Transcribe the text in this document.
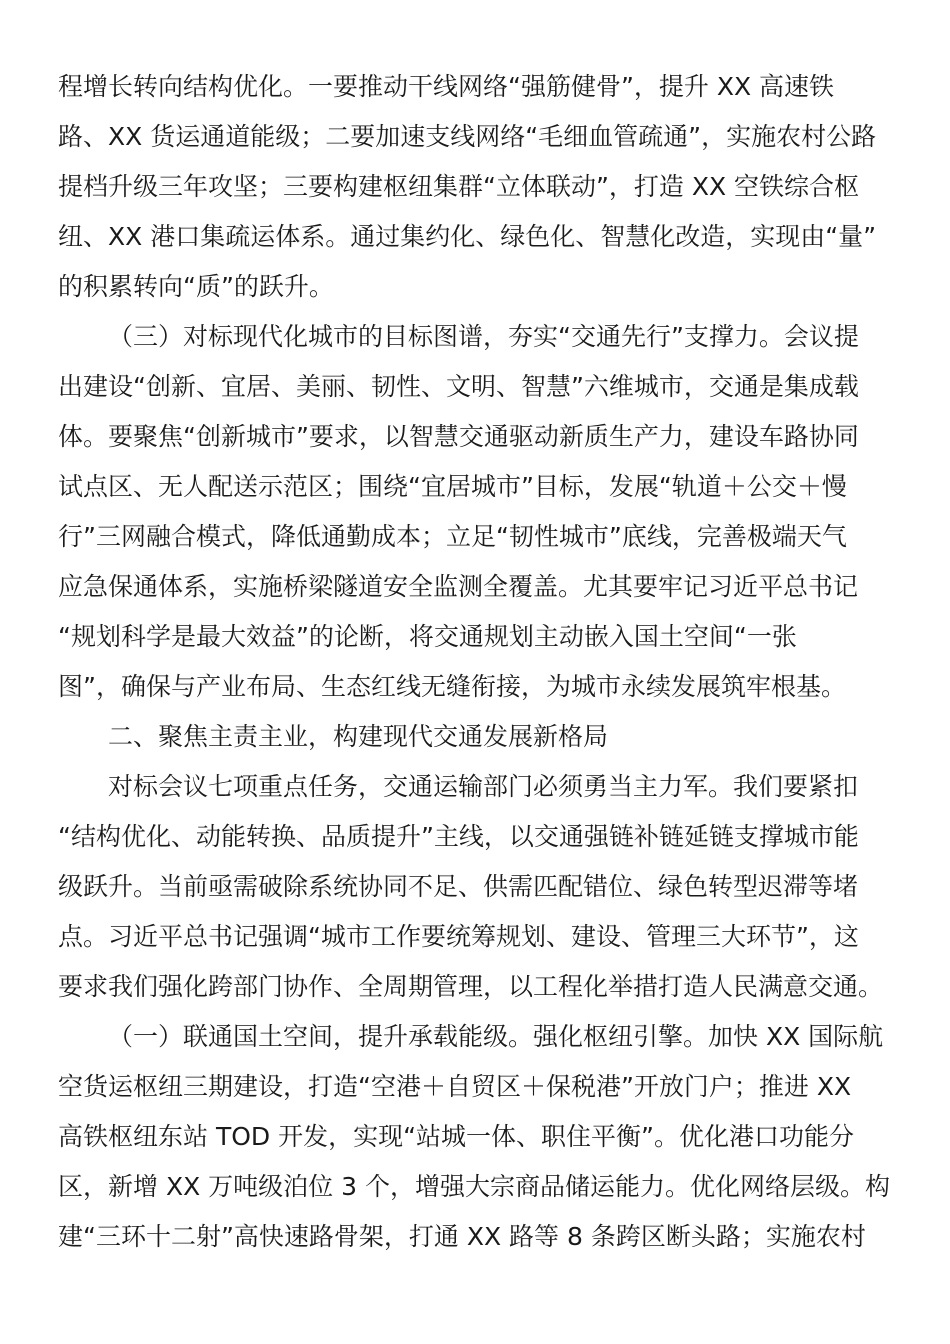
程增长转向结构优化。一要推动干线网络“强筋健骨”，提升 XX 高速铁
路、XX 货运通道能级；二要加速支线网络“毛细血管疏通”，实施农村公路
提档升级三年攻坚；三要构建枢纽集群“立体联动”，打造 XX 空铁综合枢
纽、XX 港口集疏运体系。通过集约化、绿色化、智慧化改造，实现由“量”
的积累转向“质”的跃升。
（三）对标现代化城市的目标图谱，夯实“交通先行”支撑力。会议提
出建设“创新、宜居、美丽、韧性、文明、智慧”六维城市，交通是集成载
体。要聚焦“创新城市”要求，以智慧交通驱动新质生产力，建设车路协同
试点区、无人配送示范区；围绕“宜居城市”目标，发展“轨道＋公交＋慢
行”三网融合模式，降低通勤成本；立足“韧性城市”底线，完善极端天气
应急保通体系，实施桥梁隧道安全监测全覆盖。尤其要牢记习近平总书记
“规划科学是最大效益”的论断，将交通规划主动嵌入国土空间“一张
图”，确保与产业布局、生态红线无缝衔接，为城市永续发展筑牢根基。
二、聚焦主责主业，构建现代交通发展新格局
对标会议七项重点任务，交通运输部门必须勇当主力军。我们要紧扣
“结构优化、动能转换、品质提升”主线，以交通强链补链延链支撑城市能
级跃升。当前亟需破除系统协同不足、供需匹配错位、绿色转型迟滞等堵
点。习近平总书记强调“城市工作要统筹规划、建设、管理三大环节”，这
要求我们强化跨部门协作、全周期管理，以工程化举措打造人民满意交通。
（一）联通国土空间，提升承载能级。强化枢纽引擎。加快 XX 国际航
空货运枢纽三期建设，打造“空港＋自贸区＋保税港”开放门户；推进 XX
高铁枢纽东站 TOD 开发，实现“站城一体、职住平衡”。优化港口功能分
区，新增 XX 万吨级泊位 3 个，增强大宗商品储运能力。优化网络层级。构
建“三环十二射”高快速路骨架，打通 XX 路等 8 条跨区断头路；实施农村
